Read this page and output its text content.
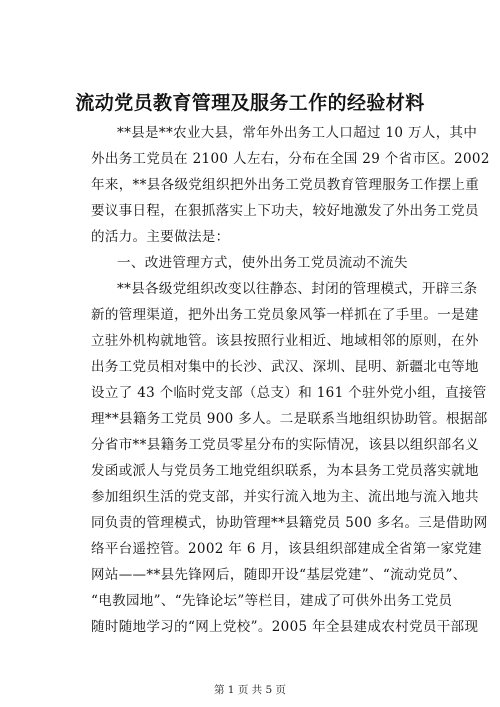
流动党员教育管理及服务工作的经验材料
**县是**农业大县，常年外出务工人口超过 10 万人，其中
外出务工党员在 2100 人左右，分布在全国 29 个省市区。2002
年来，**县各级党组织把外出务工党员教育管理服务工作摆上重
要议事日程，在狠抓落实上下功夫，较好地激发了外出务工党员
的活力。主要做法是：
一、改进管理方式，使外出务工党员流动不流失
**县各级党组织改变以往静态、封闭的管理模式，开辟三条
新的管理渠道，把外出务工党员象风筝一样抓在了手里。一是建
立驻外机构就地管。该县按照行业相近、地域相邻的原则，在外
出务工党员相对集中的长沙、武汉、深圳、昆明、新疆北屯等地
设立了 43 个临时党支部（总支）和 161 个驻外党小组，直接管
理**县籍务工党员 900 多人。二是联系当地组织协助管。根据部
分省市**县籍务工党员零星分布的实际情况，该县以组织部名义
发函或派人与党员务工地党组织联系，为本县务工党员落实就地
参加组织生活的党支部，并实行流入地为主、流出地与流入地共
同负责的管理模式，协助管理**县籍党员 500 多名。三是借助网
络平台遥控管。2002 年 6 月，该县组织部建成全省第一家党建
网站——**县先锋网后，随即开设“基层党建”、“流动党员”、
“电教园地”、“先锋论坛”等栏目，建成了可供外出务工党员
随时随地学习的“网上党校”。2005 年全县建成农村党员干部现
第 1 页 共 5 页
